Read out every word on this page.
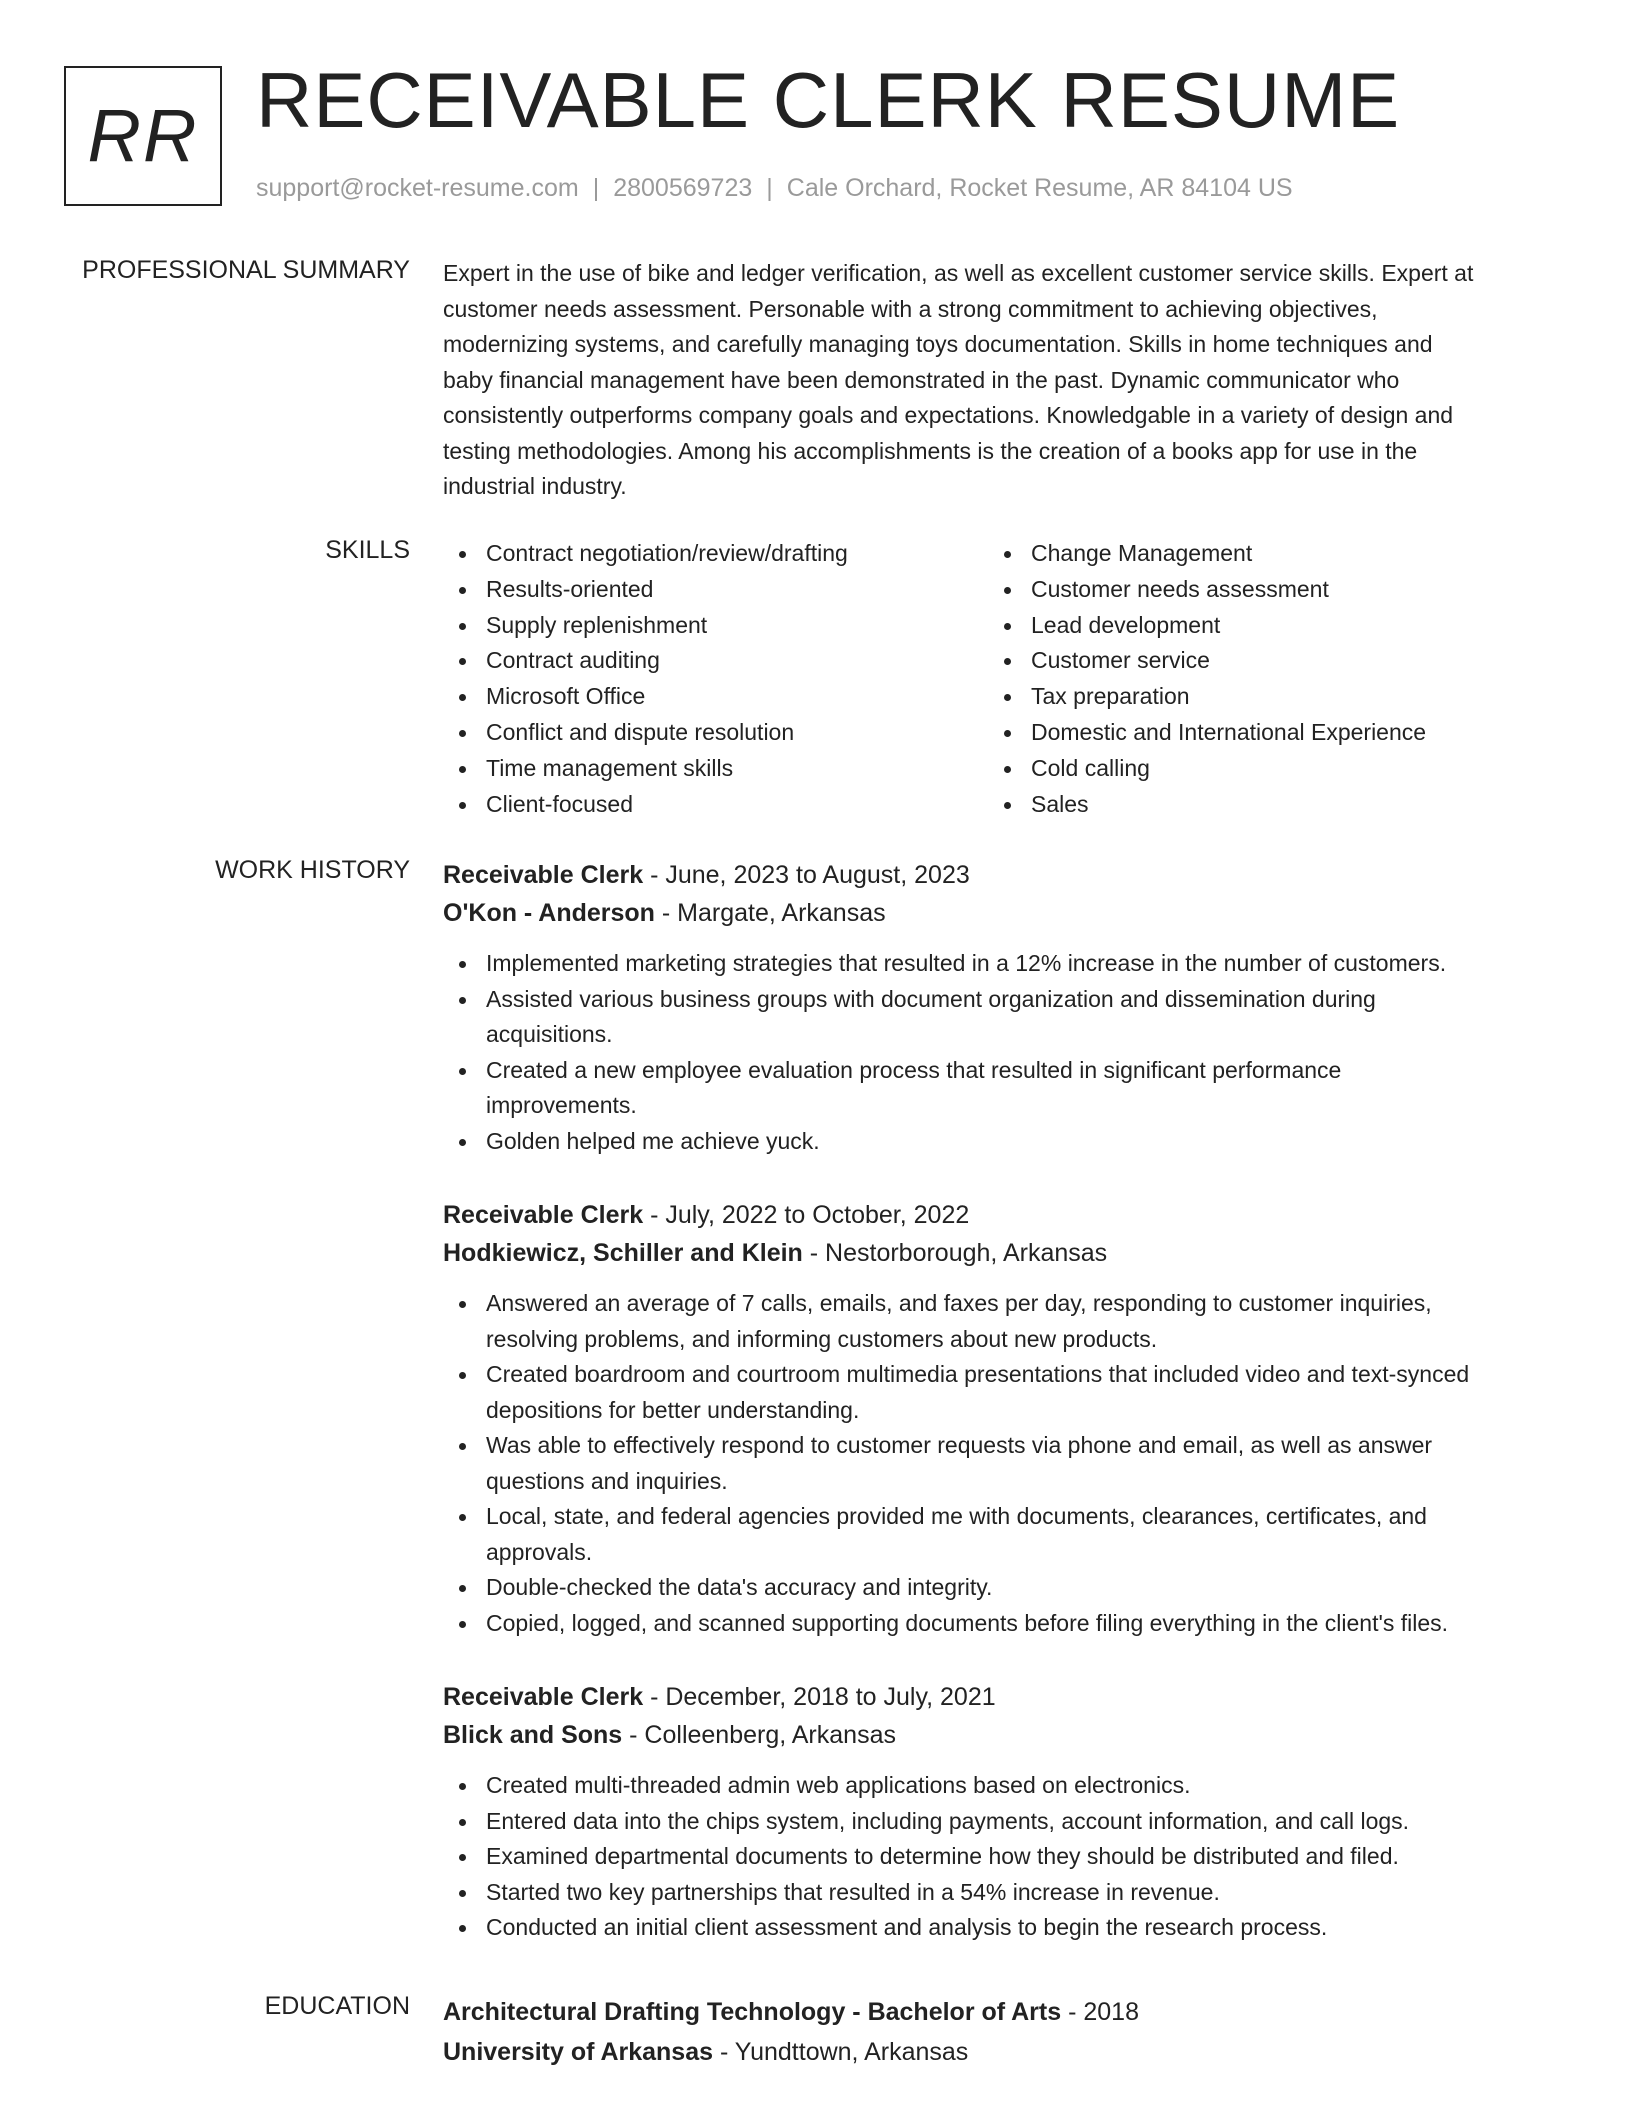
RR RECEIVABLE CLERK RESUME
support@rocket-resume.com | 2800569723 | Cale Orchard, Rocket Resume, AR 84104 US
PROFESSIONAL SUMMARY Expert in the use of bike and ledger verification, as well as excellent customer service skills. Expert at
customer needs assessment. Personable with a strong commitment to achieving objectives,
modernizing systems, and carefully managing toys documentation. Skills in home techniques and
baby financial management have been demonstrated in the past. Dynamic communicator who
consistently outperforms company goals and expectations. Knowledgable in a variety of design and
testing methodologies. Among his accomplishments is the creation of a books app for use in the
industrial industry.
SKILLS	Contract negotiation/review/drafting
Results-oriented
Supply replenishment
Contract auditing
Microsoft Office
Conflict and dispute resolution
Time management skills
Client-focused
Change Management
Customer needs assessment
Lead development
Customer service
Tax preparation
Domestic and International Experience
Cold calling
Sales
WORK HISTORY Receivable Clerk - June, 2023 to August, 2023
O'Kon - Anderson - Margate, Arkansas
Implemented marketing strategies that resulted in a 12% increase in the number of customers.
Assisted various business groups with document organization and dissemination during
acquisitions.
Created a new employee evaluation process that resulted in significant performance
improvements.
Golden helped me achieve yuck.
Receivable Clerk - July, 2022 to October, 2022
Hodkiewicz, Schiller and Klein - Nestorborough, Arkansas
Answered an average of 7 calls, emails, and faxes per day, responding to customer inquiries,
resolving problems, and informing customers about new products.
Created boardroom and courtroom multimedia presentations that included video and text-synced
depositions for better understanding.
Was able to effectively respond to customer requests via phone and email, as well as answer
questions and inquiries.
Local, state, and federal agencies provided me with documents, clearances, certificates, and
approvals.
Double-checked the data's accuracy and integrity.
Copied, logged, and scanned supporting documents before filing everything in the client's files.
Receivable Clerk - December, 2018 to July, 2021
Blick and Sons - Colleenberg, Arkansas
Created multi-threaded admin web applications based on electronics.
Entered data into the chips system, including payments, account information, and call logs.
Examined departmental documents to determine how they should be distributed and filed.
Started two key partnerships that resulted in a 54% increase in revenue.
Conducted an initial client assessment and analysis to begin the research process.
EDUCATION Architectural Drafting Technology - Bachelor of Arts - 2018
University of Arkansas - Yundttown, Arkansas
